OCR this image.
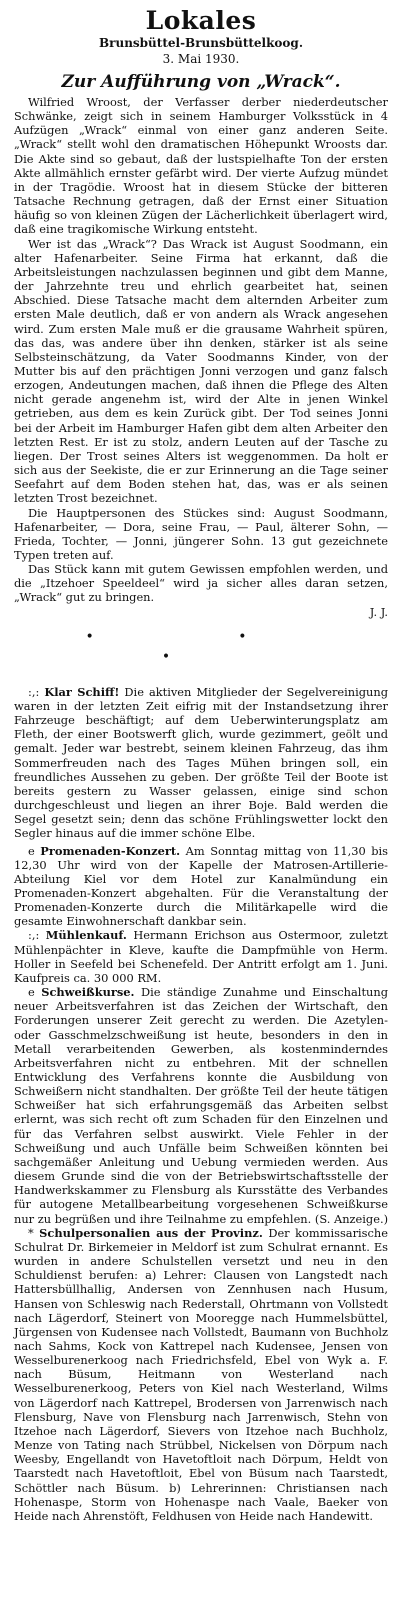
Lokales
Brunsbüttel-Brunsbüttelkoog.
3. Mai 1930.
Zur Aufführung von „Wrack“.

Wilfried Wroost, der Verfasser derber niederdeutscher Schwänke, zeigt sich in seinem Hamburger Volksstück in 4 Aufzügen „Wrack“ einmal von einer ganz anderen Seite. „Wrack“ stellt wohl den dramatischen Höhepunkt Wroosts dar. Die Akte sind so gebaut, daß der lustspielhafte Ton der ersten Akte allmählich ernster gefärbt wird. Der vierte Aufzug mündet in der Tragödie. Wroost hat in diesem Stücke der bitteren Tatsache Rechnung getragen, daß der Ernst einer Situation häufig so von kleinen Zügen der Lächerlichkeit überlagert wird, daß eine tragikomische Wirkung entsteht.

Wer ist das „Wrack“? Das Wrack ist August Soodmann, ein alter Hafenarbeiter. Seine Firma hat erkannt, daß die Arbeitsleistungen nachzulassen beginnen und gibt dem Manne, der Jahrzehnte treu und ehrlich gearbeitet hat, seinen Abschied. Diese Tatsache macht dem alternden Arbeiter zum ersten Male deutlich, daß er von andern als Wrack angesehen wird. Zum ersten Male muß er die grausame Wahrheit spüren, das das, was andere über ihn denken, stärker ist als seine Selbsteinschätzung, da Vater Soodmanns Kinder, von der Mutter bis auf den prächtigen Jonni verzogen und ganz falsch erzogen, Andeutungen machen, daß ihnen die Pflege des Alten nicht gerade angenehm ist, wird der Alte in jenen Winkel getrieben, aus dem es kein Zurück gibt. Der Tod seines Jonni bei der Arbeit im Hamburger Hafen gibt dem alten Arbeiter den letzten Rest. Er ist zu stolz, andern Leuten auf der Tasche zu liegen. Der Trost seines Alters ist weggenommen. Da holt er sich aus der Seekiste, die er zur Erinnerung an die Tage seiner Seefahrt auf dem Boden stehen hat, das, was er als seinen letzten Trost bezeichnet.

Die Hauptpersonen des Stückes sind: August Soodmann, Hafenarbeiter, — Dora, seine Frau, — Paul, älterer Sohn, — Frieda, Tochter, — Jonni, jüngerer Sohn. 13 gut gezeichnete Typen treten auf.

Das Stück kann mit gutem Gewissen empfohlen werden, und die „Itzehoer Speeldeel“ wird ja sicher alles daran setzen, „Wrack“ gut zu bringen.
J. J.

• • •

:,: Klar Schiff! Die aktiven Mitglieder der Segelvereinigung waren in der letzten Zeit eifrig mit der Instandsetzung ihrer Fahrzeuge beschäftigt; auf dem Ueberwinterungsplatz am Fleth, der einer Bootswerft glich, wurde gezimmert, geölt und gemalt. Jeder war bestrebt, seinem kleinen Fahrzeug, das ihm Sommerfreuden nach des Tages Mühen bringen soll, ein freundliches Aussehen zu geben. Der größte Teil der Boote ist bereits gestern zu Wasser gelassen, einige sind schon durchgeschleust und liegen an ihrer Boje. Bald werden die Segel gesetzt sein; denn das schöne Frühlingswetter lockt den Segler hinaus auf die immer schöne Elbe.

e Promenaden-Konzert. Am Sonntag mittag von 11,30 bis 12,30 Uhr wird von der Kapelle der Matrosen-Artillerie-Abteilung Kiel vor dem Hotel zur Kanalmündung ein Promenaden-Konzert abgehalten. Für die Veranstaltung der Promenaden-Konzerte durch die Militärkapelle wird die gesamte Einwohnerschaft dankbar sein.

:,: Mühlenkauf. Hermann Erichson aus Ostermoor, zuletzt Mühlenpächter in Kleve, kaufte die Dampfmühle von Herm. Holler in Seefeld bei Schenefeld. Der Antritt erfolgt am 1. Juni. Kaufpreis ca. 30 000 RM.

e Schweißkurse. Die ständige Zunahme und Einschaltung neuer Arbeitsverfahren ist das Zeichen der Wirtschaft, den Forderungen unserer Zeit gerecht zu werden. Die Azetylen- oder Gasschmelzschweißung ist heute, besonders in den in Metall verarbeitenden Gewerben, als kostenminderndes Arbeitsverfahren nicht zu entbehren. Mit der schnellen Entwicklung des Verfahrens konnte die Ausbildung von Schweißern nicht standhalten. Der größte Teil der heute tätigen Schweißer hat sich erfahrungsgemäß das Arbeiten selbst erlernt, was sich recht oft zum Schaden für den Einzelnen und für das Verfahren selbst auswirkt. Viele Fehler in der Schweißung und auch Unfälle beim Schweißen könnten bei sachgemäßer Anleitung und Uebung vermieden werden. Aus diesem Grunde sind die von der Betriebswirtschaftsstelle der Handwerkskammer zu Flensburg als Kursstätte des Verbandes für autogene Metallbearbeitung vorgesehenen Schweißkurse nur zu begrüßen und ihre Teilnahme zu empfehlen. (S. Anzeige.)

* Schulpersonalien aus der Provinz. Der kommissarische Schulrat Dr. Birkemeier in Meldorf ist zum Schulrat ernannt. Es wurden in andere Schulstellen versetzt und neu in den Schuldienst berufen: a) Lehrer: Clausen von Langstedt nach Hattersbüllhallig, Andersen von Zennhusen nach Husum, Hansen von Schleswig nach Rederstall, Ohrtmann von Vollstedt nach Lägerdorf, Steinert von Mooregge nach Hummelsbüttel, Jürgensen von Kudensee nach Vollstedt, Baumann von Buchholz nach Sahms, Kock von Kattrepel nach Kudensee, Jensen von Wesselburenerkoog nach Friedrichsfeld, Ebel von Wyk a. F. nach Büsum, Heitmann von Westerland nach Wesselburenerkoog, Peters von Kiel nach Westerland, Wilms von Lägerdorf nach Kattrepel, Brodersen von Jarrenwisch nach Flensburg, Nave von Flensburg nach Jarrenwisch, Stehn von Itzehoe nach Lägerdorf, Sievers von Itzehoe nach Buchholz, Menze von Tating nach Strübbel, Nickelsen von Dörpum nach Weesby, Engellandt von Havetoftloit nach Dörpum, Heldt von Taarstedt nach Havetoftloit, Ebel von Büsum nach Taarstedt, Schöttler nach Büsum. b) Lehrerinnen: Christiansen nach Hohenaspe, Storm von Hohenaspe nach Vaale, Baeker von Heide nach Ahrenstöft, Feldhusen von Heide nach Handewitt.
